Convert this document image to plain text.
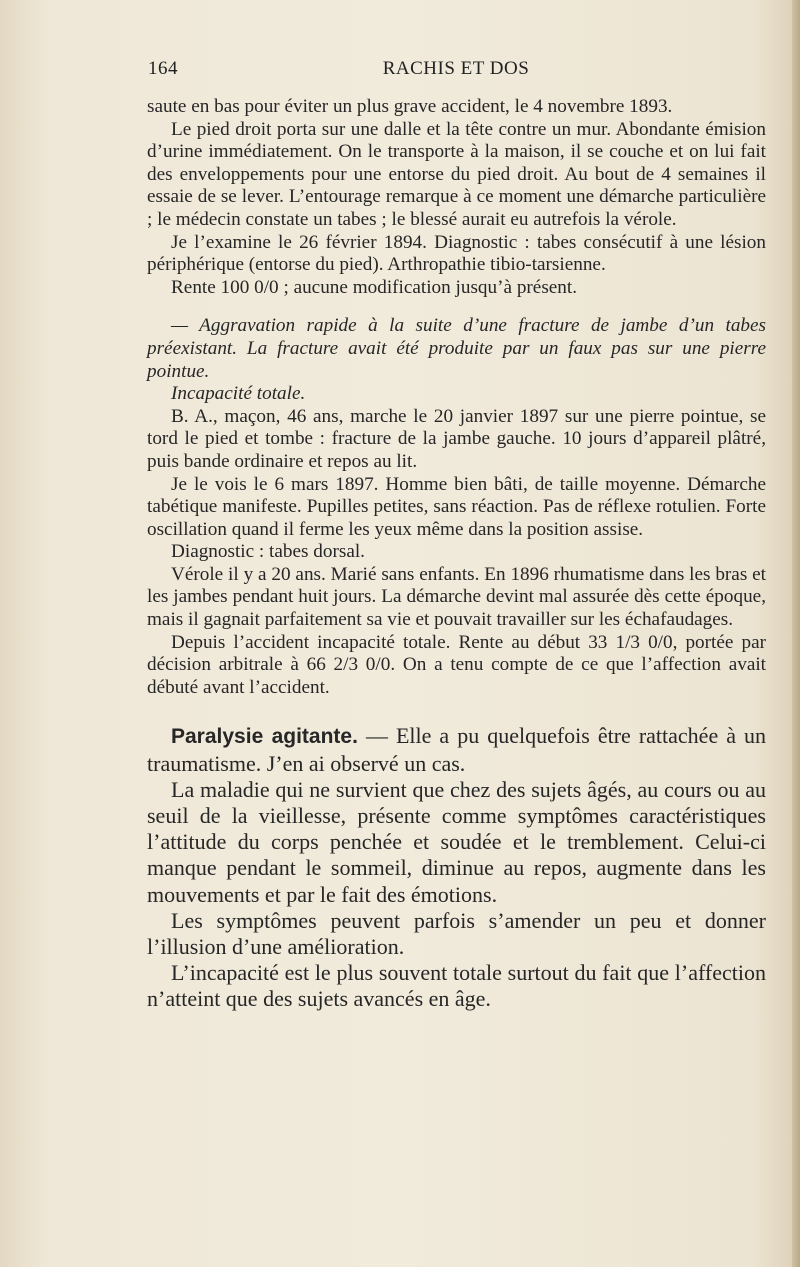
164	RACHIS ET DOS

saute en bas pour éviter un plus grave accident, le 4 novembre 1893.

Le pied droit porta sur une dalle et la tête contre un mur. Abondante émision d’urine immédiatement. On le transporte à la maison, il se couche et on lui fait des enveloppements pour une entorse du pied droit. Au bout de 4 semaines il essaie de se lever. L’entourage remarque à ce moment une démarche particulière ; le médecin constate un tabes ; le blessé aurait eu autrefois la vérole.

Je l’examine le 26 février 1894. Diagnostic : tabes consécutif à une lésion périphérique (entorse du pied). Arthropathie tibio-tarsienne.

Rente 100 0/0 ; aucune modification jusqu’à présent.

— Aggravation rapide à la suite d’une fracture de jambe d’un tabes préexistant. La fracture avait été produite par un faux pas sur une pierre pointue.

Incapacité totale.

B. A., maçon, 46 ans, marche le 20 janvier 1897 sur une pierre pointue, se tord le pied et tombe : fracture de la jambe gauche. 10 jours d’appareil plâtré, puis bande ordinaire et repos au lit.

Je le vois le 6 mars 1897. Homme bien bâti, de taille moyenne. Démarche tabétique manifeste. Pupilles petites, sans réaction. Pas de réflexe rotulien. Forte oscillation quand il ferme les yeux même dans la position assise.

Diagnostic : tabes dorsal.

Vérole il y a 20 ans. Marié sans enfants. En 1896 rhumatisme dans les bras et les jambes pendant huit jours. La démarche devint mal assurée dès cette époque, mais il gagnait parfaitement sa vie et pouvait travailler sur les échafaudages.

Depuis l’accident incapacité totale. Rente au début 33 1/3 0/0, portée par décision arbitrale à 66 2/3 0/0. On a tenu compte de ce que l’affection avait débuté avant l’accident.

Paralysie agitante. — Elle a pu quelquefois être rattachée à un traumatisme. J’en ai observé un cas.

La maladie qui ne survient que chez des sujets âgés, au cours ou au seuil de la vieillesse, présente comme symptômes caractéristiques l’attitude du corps penchée et soudée et le tremblement. Celui-ci manque pendant le sommeil, diminue au repos, augmente dans les mouvements et par le fait des émotions.

Les symptômes peuvent parfois s’amender un peu et donner l’illusion d’une amélioration.

L’incapacité est le plus souvent totale surtout du fait que l’affection n’atteint que des sujets avancés en âge.
